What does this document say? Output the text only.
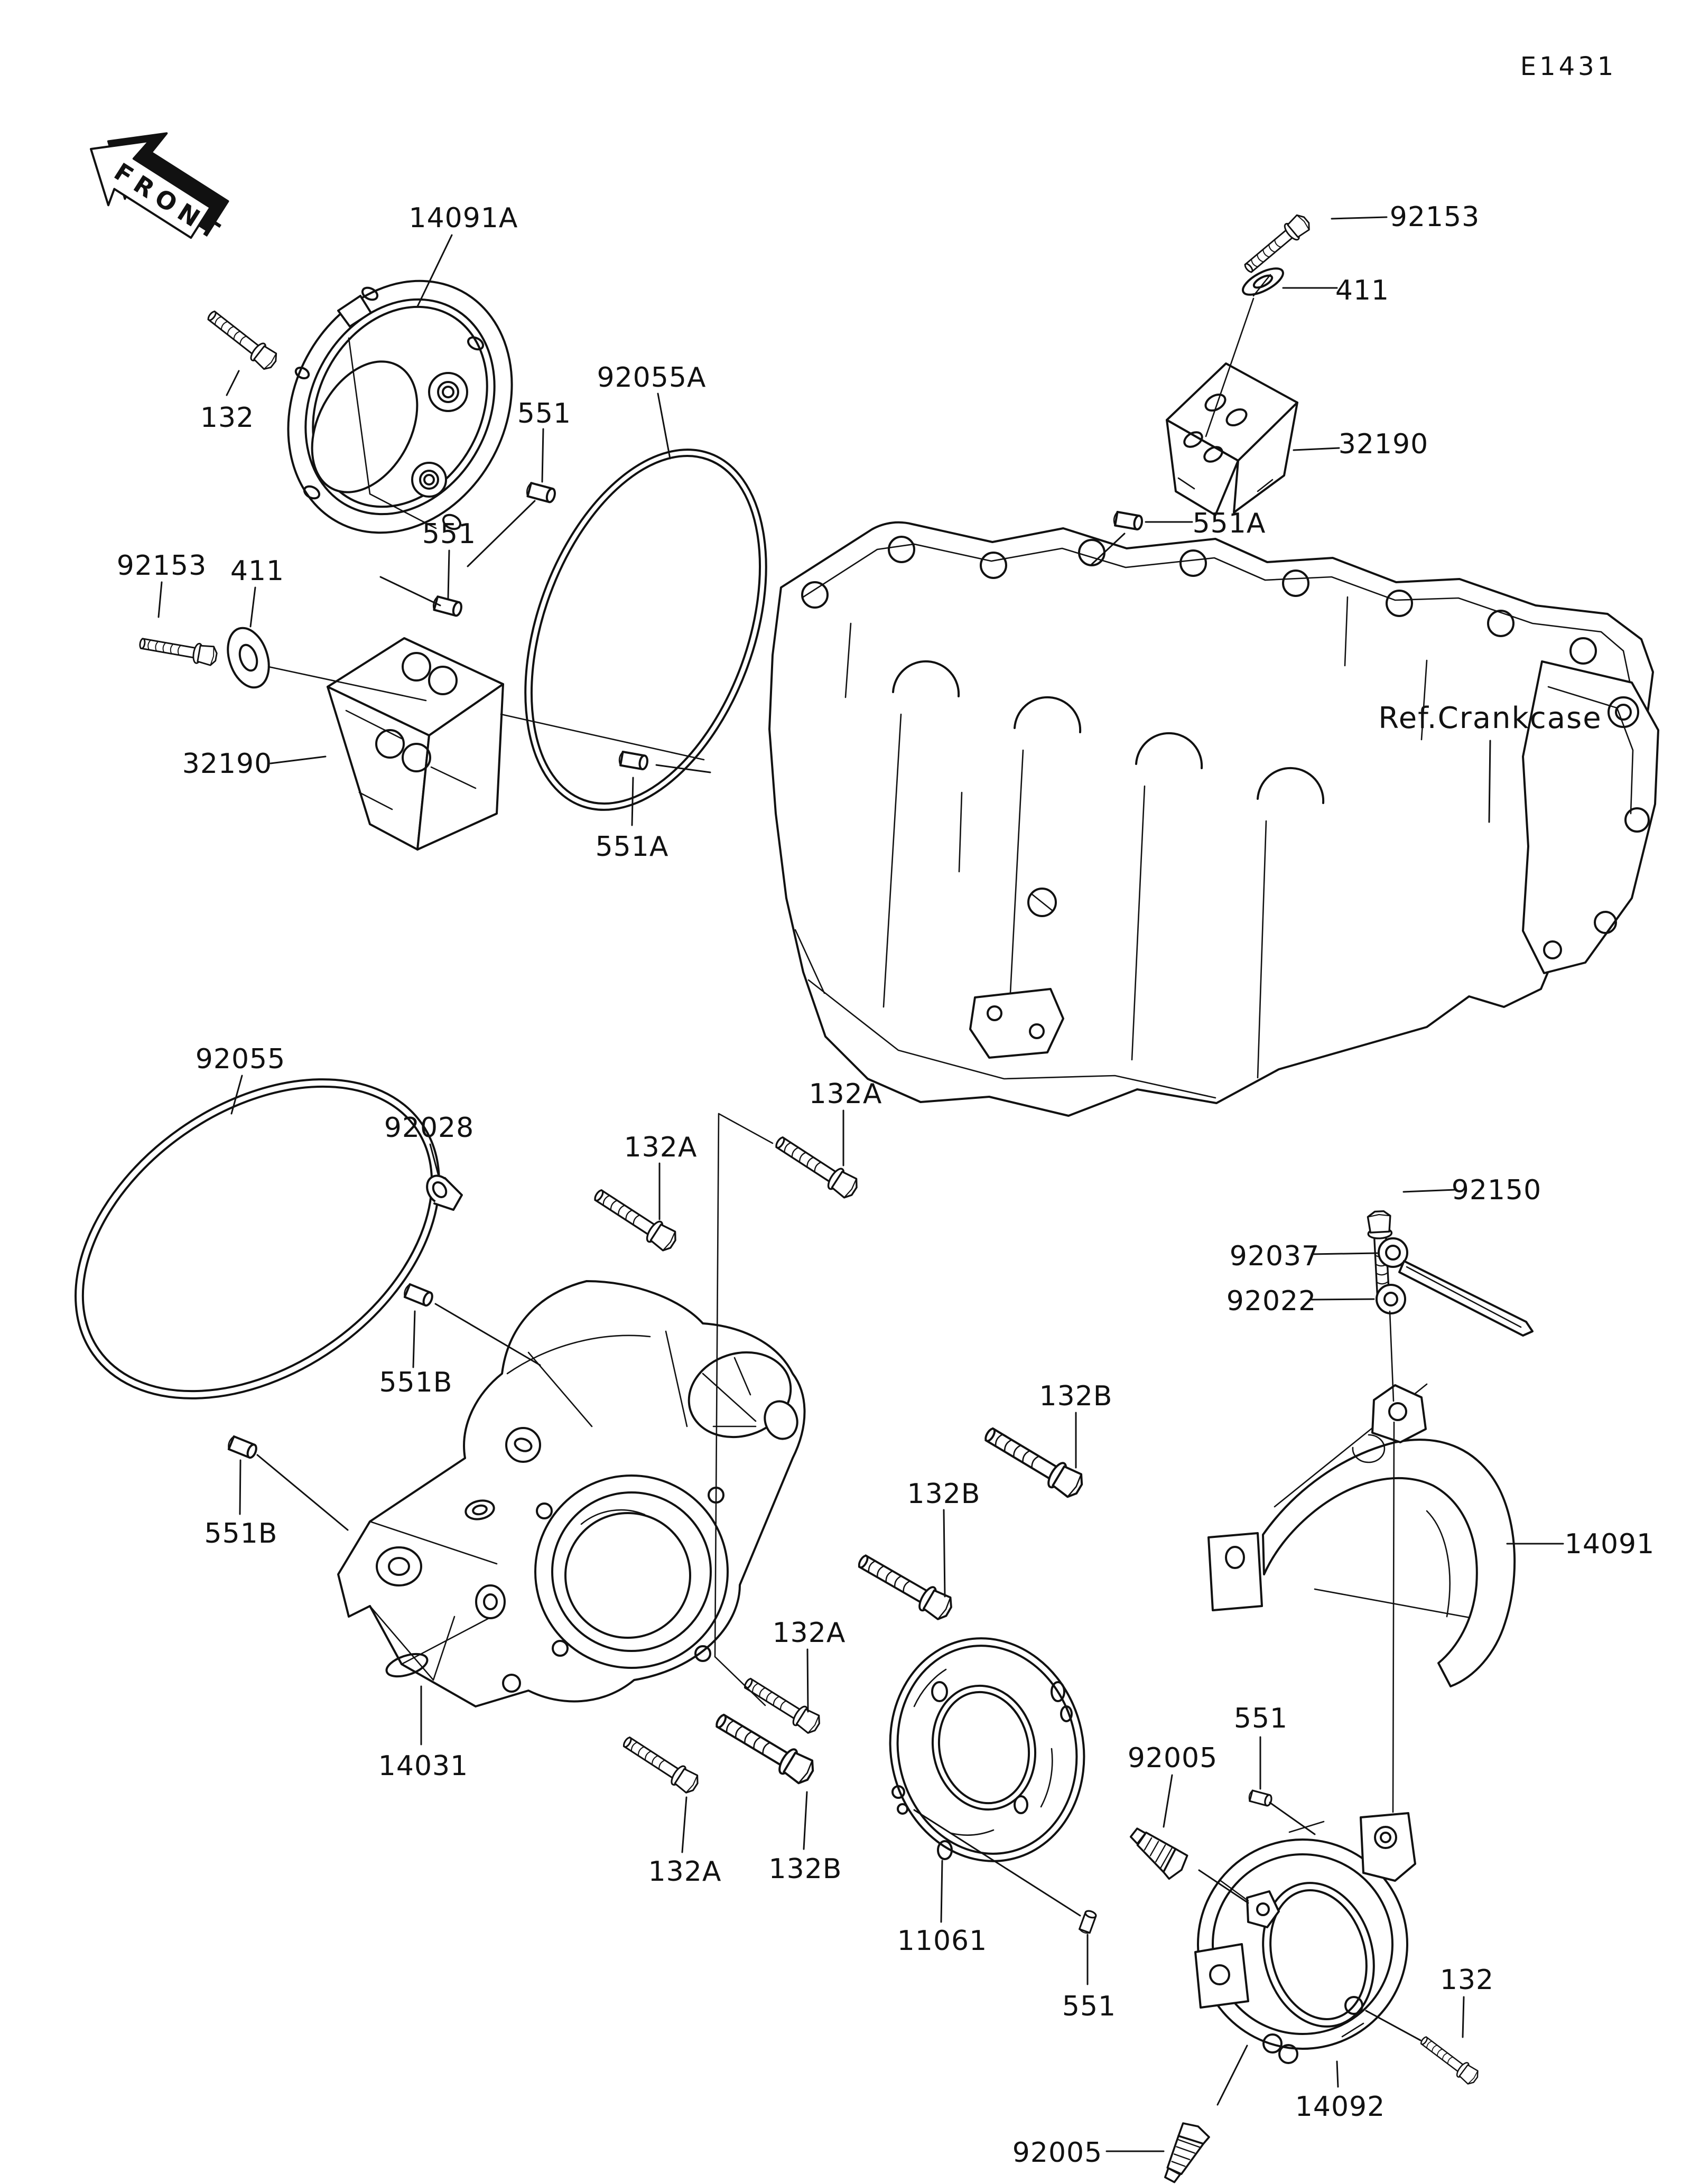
FRONT
E1431
14091A
132
92055A
551
551
92153
411
32190
551A
92153 411
32190
551A
92055
92028
132A
132A
92150
92037
92022
551B	132B
132B
14091
551B
132A
14031
551
92005
132A 132B
11061
551
132
14092
92005
Ref.Crankcase
